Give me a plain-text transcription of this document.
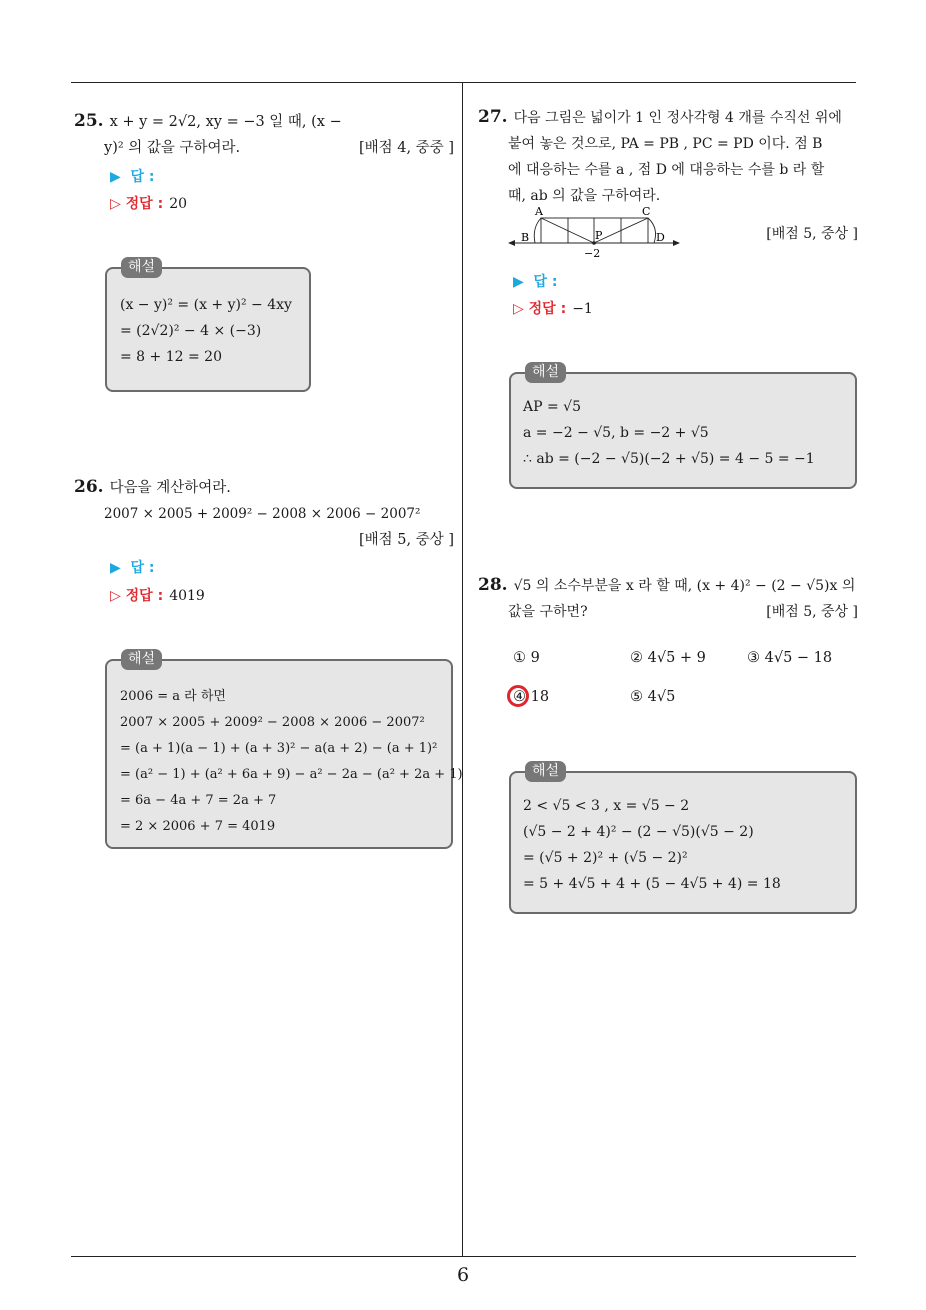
6
25. x + y = 2√2, xy = −3 일 때, (x −
y)² 의 값을 구하여라.	[배점 4, 중중 ]
▶ 답 :
▷ 정답 : 20
해설
(x − y)² = (x + y)² − 4xy
= (2√2)² − 4 × (−3)
= 8 + 12 = 20
26. 다음을 계산하여라.
2007 × 2005 + 2009² − 2008 × 2006 − 2007²
[배점 5, 중상 ]
▶ 답 :
▷ 정답 : 4019
해설
2006 = a 라 하면
2007 × 2005 + 2009² − 2008 × 2006 − 2007²
= (a + 1)(a − 1) + (a + 3)² − a(a + 2) − (a + 1)²
= (a² − 1) + (a² + 6a + 9) − a² − 2a − (a² + 2a + 1)
= 6a − 4a + 7 = 2a + 7
= 2 × 2006 + 7 = 4019
27. 다음 그림은 넓이가 1 인 정사각형 4 개를 수직선 위에
붙여 놓은 것으로, PA = PB , PC = PD 이다. 점 B
에 대응하는 수를 a , 점 D 에 대응하는 수를 b 라 할
때, ab 의 값을 구하여라.
A
B
C
D
P
−2
[배점 5, 중상 ]
▶ 답 :
▷ 정답 : −1
해설
AP = √5
a = −2 − √5, b = −2 + √5
∴ ab = (−2 − √5)(−2 + √5) = 4 − 5 = −1
28. √5 의 소수부분을 x 라 할 때, (x + 4)² − (2 − √5)x 의
값을 구하면?	[배점 5, 중상 ]
① 9	② 4√5 + 9	③ 4√5 − 18
④ 18	⑤ 4√5
해설
2 < √5 < 3 , x = √5 − 2
(√5 − 2 + 4)² − (2 − √5)(√5 − 2)
= (√5 + 2)² + (√5 − 2)²
= 5 + 4√5 + 4 + (5 − 4√5 + 4) = 18
